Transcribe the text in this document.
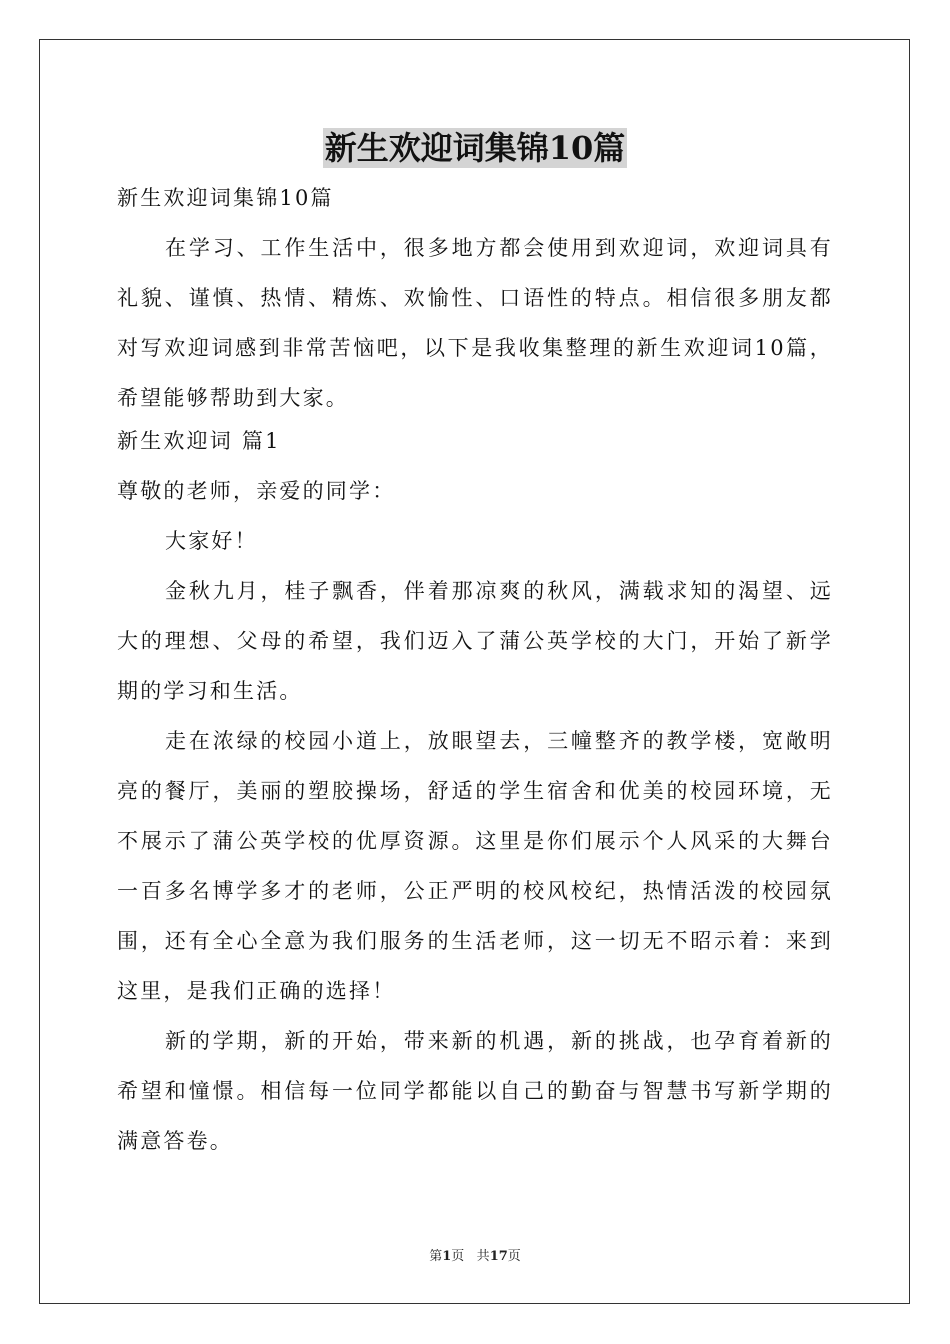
新生欢迎词集锦10篇
新生欢迎词集锦10篇
在学习、工作生活中，很多地方都会使用到欢迎词，欢迎词具有礼貌、谨慎、热情、精炼、欢愉性、口语性的特点。相信很多朋友都对写欢迎词感到非常苦恼吧，以下是我收集整理的新生欢迎词10篇，希望能够帮助到大家。
新生欢迎词 篇1
尊敬的老师，亲爱的同学：
大家好！
金秋九月，桂子飘香，伴着那凉爽的秋风，满载求知的渴望、远大的理想、父母的希望，我们迈入了蒲公英学校的大门，开始了新学期的学习和生活。
走在浓绿的校园小道上，放眼望去，三幢整齐的教学楼，宽敞明亮的餐厅，美丽的塑胶操场，舒适的学生宿舍和优美的校园环境，无不展示了蒲公英学校的优厚资源。这里是你们展示个人风采的大舞台一百多名博学多才的老师，公正严明的校风校纪，热情活泼的校园氛围，还有全心全意为我们服务的生活老师，这一切无不昭示着：来到这里，是我们正确的选择！
新的学期，新的开始，带来新的机遇，新的挑战，也孕育着新的希望和憧憬。相信每一位同学都能以自己的勤奋与智慧书写新学期的满意答卷。
第1页 共17页
